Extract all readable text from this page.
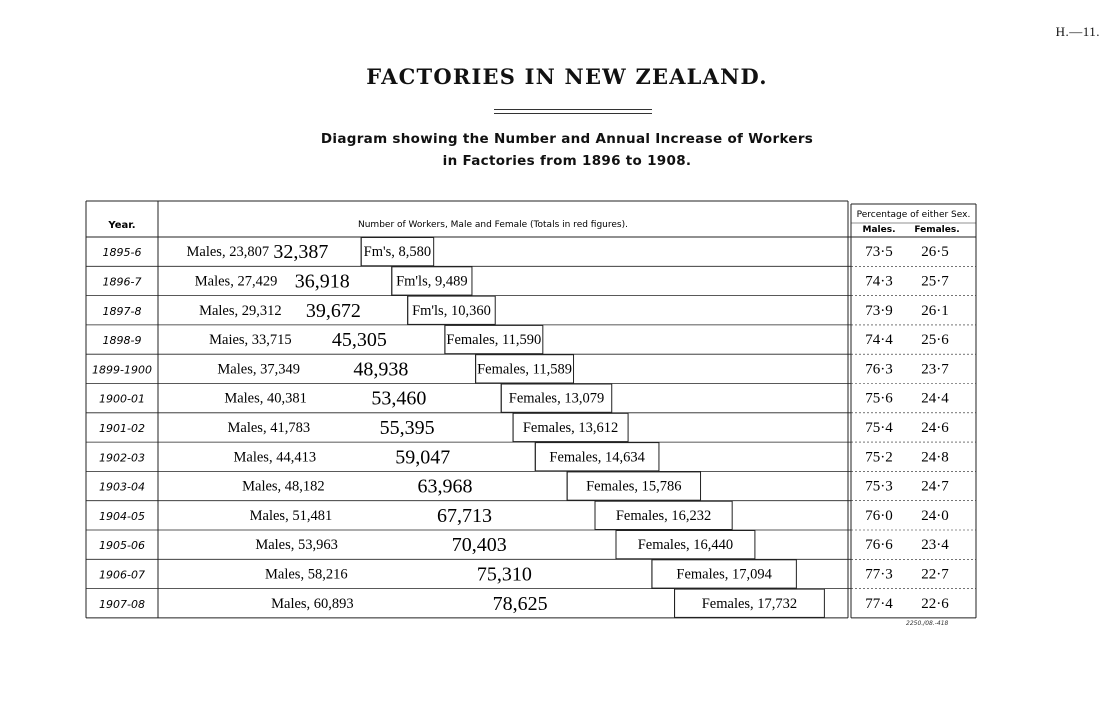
H.—11.
FACTORIES IN NEW ZEALAND.
Diagram showing the Number and Annual Increase of Workers
in Factories from 1896 to 1908.
Year.	Number of Workers, Male and Female (Totals in red figures).
Percentage of either Sex.
Males. Females.
1895-6	Males, 23,807 32,387 Fm's, 8,580	73·5 26·5
1896-7	Males, 27,429 36,918	Fm'ls, 9,489	74·3 25·7
1897-8	Males, 29,312 39,672	Fm'ls, 10,360	73·9 26·1
1898-9	Maies, 33,715 45,305	Females, 11,590	74·4 25·6
1899-1900	Males, 37,349	48,938	Females, 11,589	76·3 23·7
1900-01	Males, 40,381	53,460	Females, 13,079	75·6 24·4
1901-02	Males, 41,783	55,395	Females, 13,612	75·4 24·6
1902-03	Males, 44,413	59,047	Females, 14,634	75·2 24·8
1903-04	Males, 48,182	63,968	Females, 15,786	75·3 24·7
1904-05	Males, 51,481	67,713	Females, 16,232	76·0 24·0
1905-06	Males, 53,963	70,403	Females, 16,440	76·6 23·4
1906-07	Males, 58,216	75,310	Females, 17,094	77·3 22·7
1907-08	Males, 60,893	78,625	Females, 17,732	77·4 22·6
2250./08.-418
